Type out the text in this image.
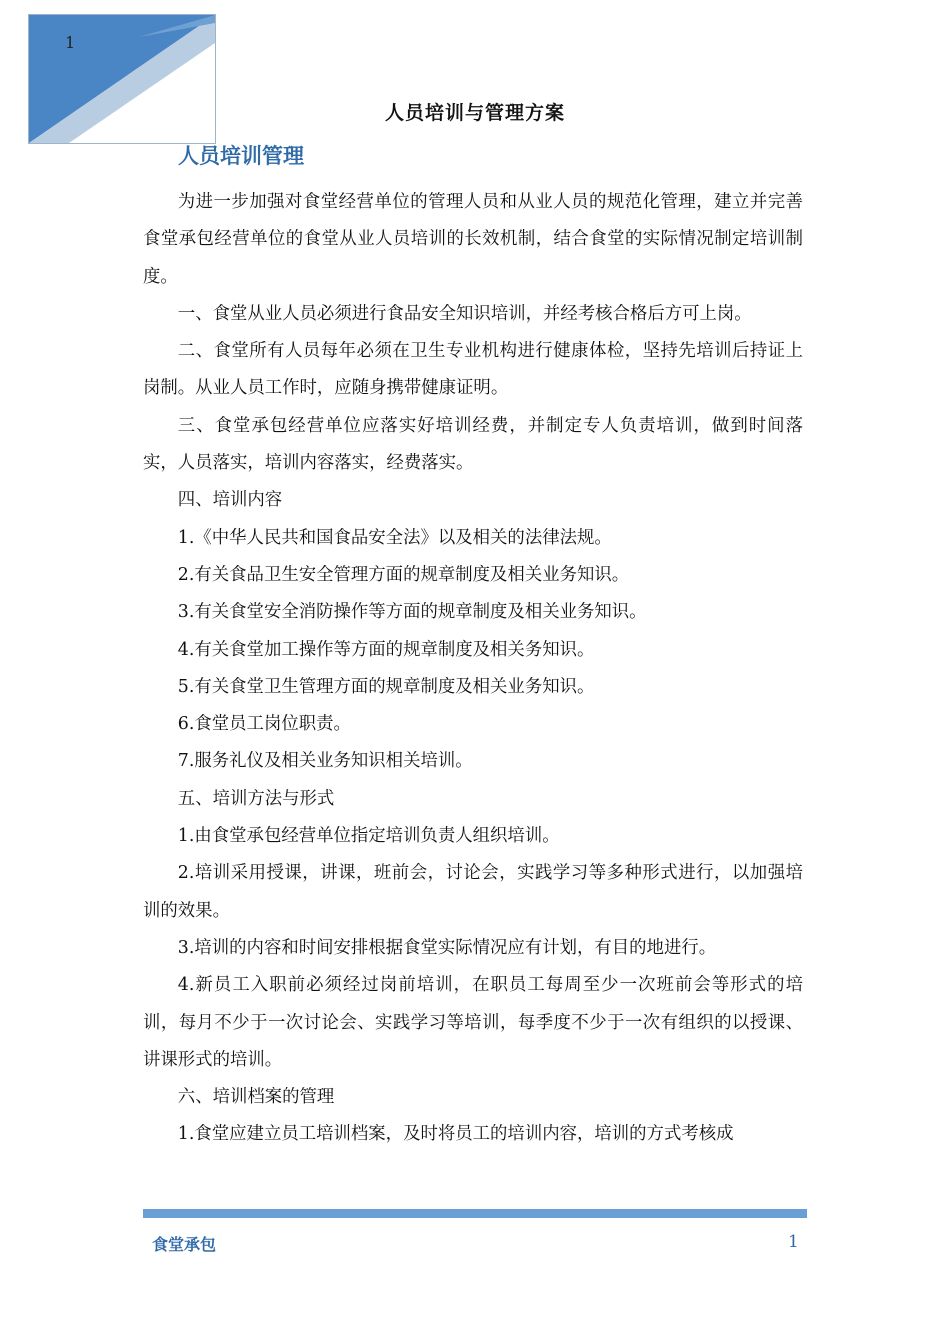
1
人员培训与管理方案
人员培训管理

为进一步加强对食堂经营单位的管理人员和从业人员的规范化管理，建立并完善食堂承包经营单位的食堂从业人员培训的长效机制，结合食堂的实际情况制定培训制度。

一、食堂从业人员必须进行食品安全知识培训，并经考核合格后方可上岗。

二、食堂所有人员每年必须在卫生专业机构进行健康体检，坚持先培训后持证上岗制。从业人员工作时，应随身携带健康证明。

三、食堂承包经营单位应落实好培训经费，并制定专人负责培训，做到时间落实，人员落实，培训内容落实，经费落实。

四、培训内容

1.《中华人民共和国食品安全法》以及相关的法律法规。

2.有关食品卫生安全管理方面的规章制度及相关业务知识。

3.有关食堂安全消防操作等方面的规章制度及相关业务知识。

4.有关食堂加工操作等方面的规章制度及相关务知识。

5.有关食堂卫生管理方面的规章制度及相关业务知识。

6.食堂员工岗位职责。

7.服务礼仪及相关业务知识相关培训。

五、培训方法与形式

1.由食堂承包经营单位指定培训负责人组织培训。

2.培训采用授课，讲课，班前会，讨论会，实践学习等多种形式进行，以加强培训的效果。

3.培训的内容和时间安排根据食堂实际情况应有计划，有目的地进行。

4.新员工入职前必须经过岗前培训，在职员工每周至少一次班前会等形式的培训，每月不少于一次讨论会、实践学习等培训，每季度不少于一次有组织的以授课、讲课形式的培训。

六、培训档案的管理

1.食堂应建立员工培训档案，及时将员工的培训内容，培训的方式考核成

食堂承包	1
